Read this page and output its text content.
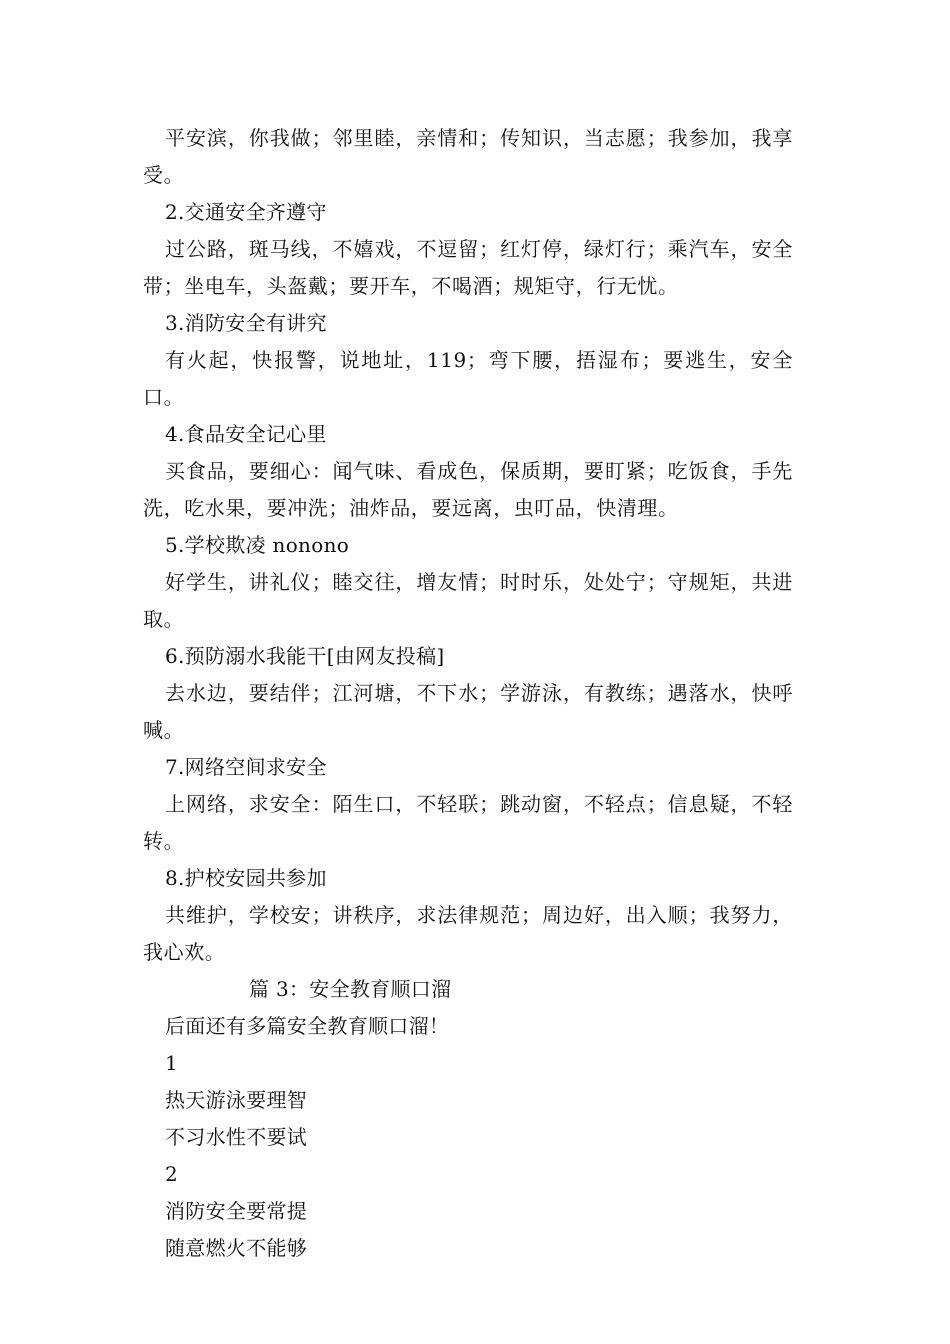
平安滨，你我做；邻里睦，亲情和；传知识，当志愿；我参加，我享受。

2.交通安全齐遵守

过公路，斑马线，不嬉戏，不逗留；红灯停，绿灯行；乘汽车，安全带；坐电车，头盔戴；要开车，不喝酒；规矩守，行无忧。

3.消防安全有讲究

有火起，快报警，说地址，119；弯下腰，捂湿布；要逃生，安全口。

4.食品安全记心里

买食品，要细心：闻气味、看成色，保质期，要盯紧；吃饭食，手先洗，吃水果，要冲洗；油炸品，要远离，虫叮品，快清理。

5.学校欺凌 nonono

好学生，讲礼仪；睦交往，增友情；时时乐，处处宁；守规矩，共进取。

6.预防溺水我能干[由网友投稿]

去水边，要结伴；江河塘，不下水；学游泳，有教练；遇落水，快呼喊。

7.网络空间求安全

上网络，求安全：陌生口，不轻联；跳动窗，不轻点；信息疑，不轻转。

8.护校安园共参加

共维护，学校安；讲秩序，求法律规范；周边好，出入顺；我努力，我心欢。

篇 3：安全教育顺口溜

后面还有多篇安全教育顺口溜！

1

热天游泳要理智

不习水性不要试

2

消防安全要常提

随意燃火不能够
